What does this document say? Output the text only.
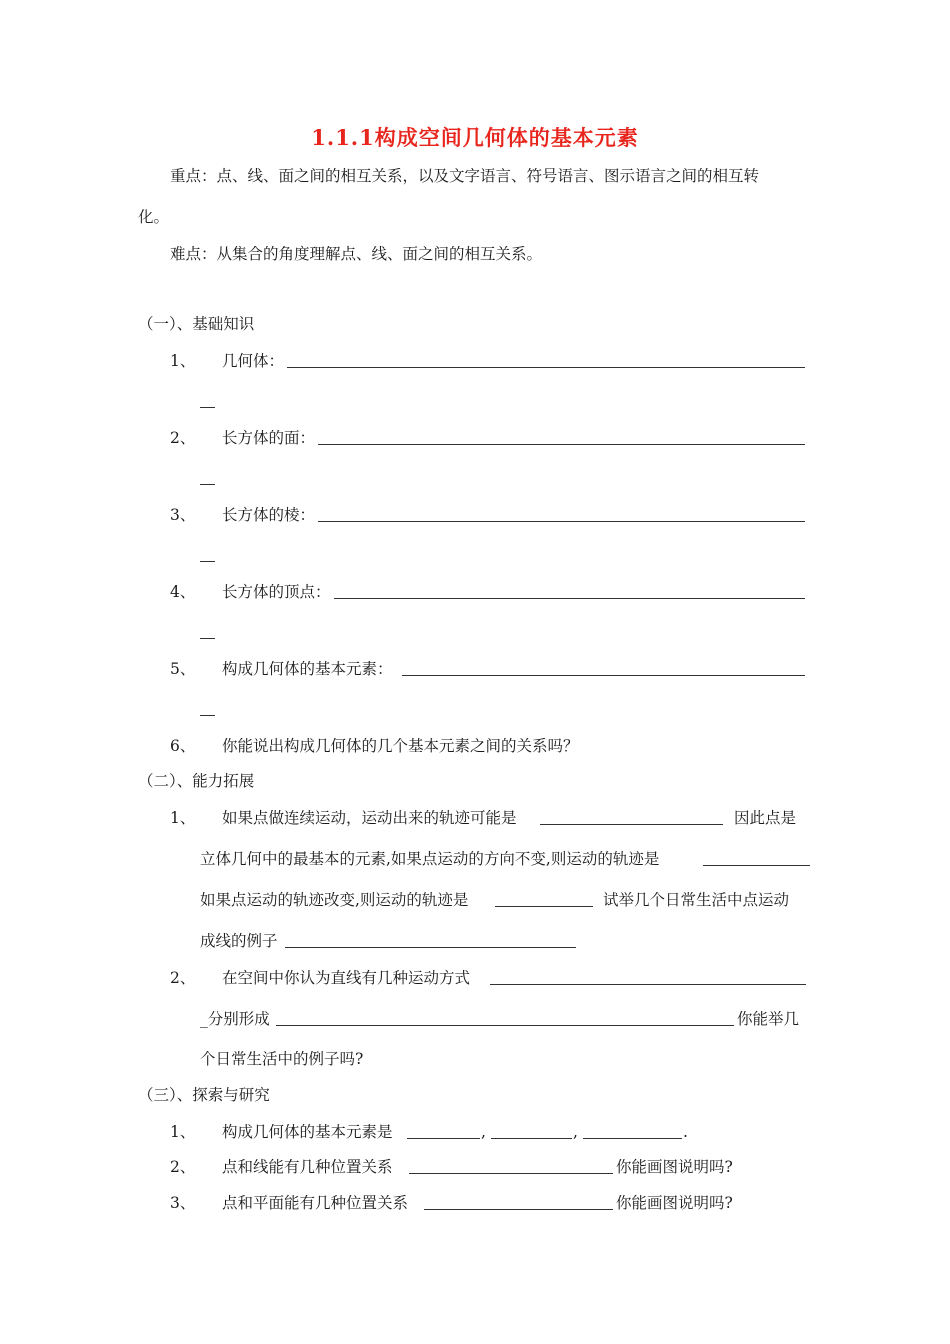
1.1.1构成空间几何体的基本元素
重点：点、线、面之间的相互关系，以及文字语言、符号语言、图示语言之间的相互转
化。
难点：从集合的角度理解点、线、面之间的相互关系。
（一）、基础知识
1、 几何体：
2、 长方体的面：
3、 长方体的棱：
4、 长方体的顶点：
5、 构成几何体的基本元素：
6、 你能说出构成几何体的几个基本元素之间的关系吗？
（二）、能力拓展
1、 如果点做连续运动，运动出来的轨迹可能是	因此点是
立体几何中的最基本的元素,如果点运动的方向不变,则运动的轨迹是
如果点运动的轨迹改变,则运动的轨迹是	试举几个日常生活中点运动
成线的例子
2、 在空间中你认为直线有几种运动方式
_分别形成	你能举几
个日常生活中的例子吗?
（三）、探索与研究
1、 构成几何体的基本元素是	,	,	.
2、 点和线能有几种位置关系	你能画图说明吗?
3、 点和平面能有几种位置关系	你能画图说明吗?
